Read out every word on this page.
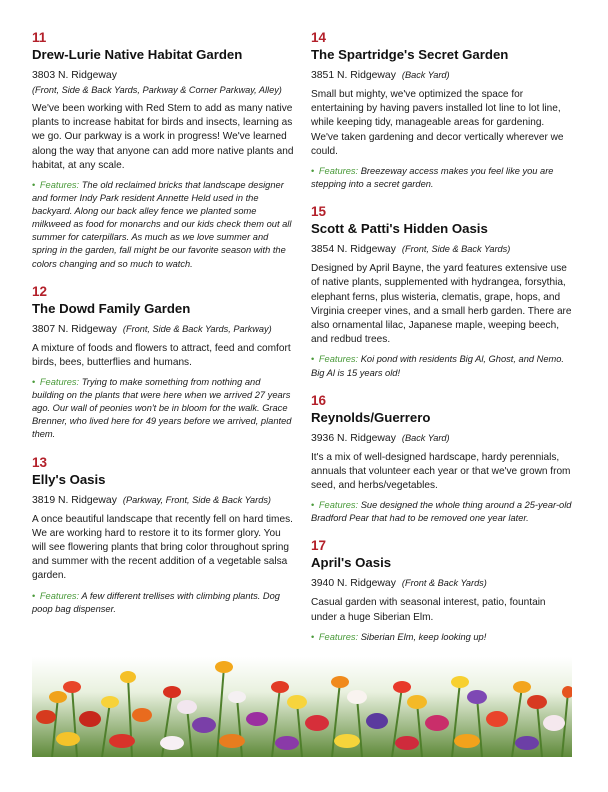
11
Drew-Lurie Native Habitat Garden
3803 N. Ridgeway
(Front, Side & Back Yards, Parkway & Corner Parkway, Alley)
We've been working with Red Stem to add as many native plants to increase habitat for birds and insects, learning as we go. Our parkway is a work in progress! We've learned along the way that anyone can add more native plants and habitat, at any scale.
• Features: The old reclaimed bricks that landscape designer and former Indy Park resident Annette Held used in the backyard. Along our back alley fence we planted some milkweed as food for monarchs and our kids check them out all summer for caterpillars. As much as we love summer and spring in the garden, fall might be our favorite season with the colors changing and so much to watch.
12
The Dowd Family Garden
3807 N. Ridgeway (Front, Side & Back Yards, Parkway)
A mixture of foods and flowers to attract, feed and comfort birds, bees, butterflies and humans.
• Features: Trying to make something from nothing and building on the plants that were here when we arrived 27 years ago. Our wall of peonies won't be in bloom for the walk. Grace Brenner, who lived here for 49 years before we arrived, planted them.
13
Elly's Oasis
3819 N. Ridgeway (Parkway, Front, Side & Back Yards)
A once beautiful landscape that recently fell on hard times. We are working hard to restore it to its former glory. You will see flowering plants that bring color throughout spring and summer with the recent addition of a vegetable salsa garden.
• Features: A few different trellises with climbing plants. Dog poop bag dispenser.
14
The Spartridge's Secret Garden
3851 N. Ridgeway (Back Yard)
Small but mighty, we've optimized the space for entertaining by having pavers installed lot line to lot line, while keeping tidy, manageable areas for gardening. We've taken gardening and decor vertically wherever we could.
• Features: Breezeway access makes you feel like you are stepping into a secret garden.
15
Scott & Patti's Hidden Oasis
3854 N. Ridgeway (Front, Side & Back Yards)
Designed by April Bayne, the yard features extensive use of native plants, supplemented with hydrangea, forsythia, elephant ferns, plus wisteria, clematis, grape, hops, and Virginia creeper vines, and a small herb garden. There are also ornamental lilac, Japanese maple, weeping beech, and redbud trees.
• Features: Koi pond with residents Big Al, Ghost, and Nemo. Big Al is 15 years old!
16
Reynolds/Guerrero
3936 N. Ridgeway (Back Yard)
It's a mix of well-designed hardscape, hardy perennials, annuals that volunteer each year or that we've grown from seed, and herbs/vegetables.
• Features: Sue designed the whole thing around a 25-year-old Bradford Pear that had to be removed one year later.
17
April's Oasis
3940 N. Ridgeway (Front & Back Yards)
Casual garden with seasonal interest, patio, fountain under a huge Siberian Elm.
• Features: Siberian Elm, keep looking up!
